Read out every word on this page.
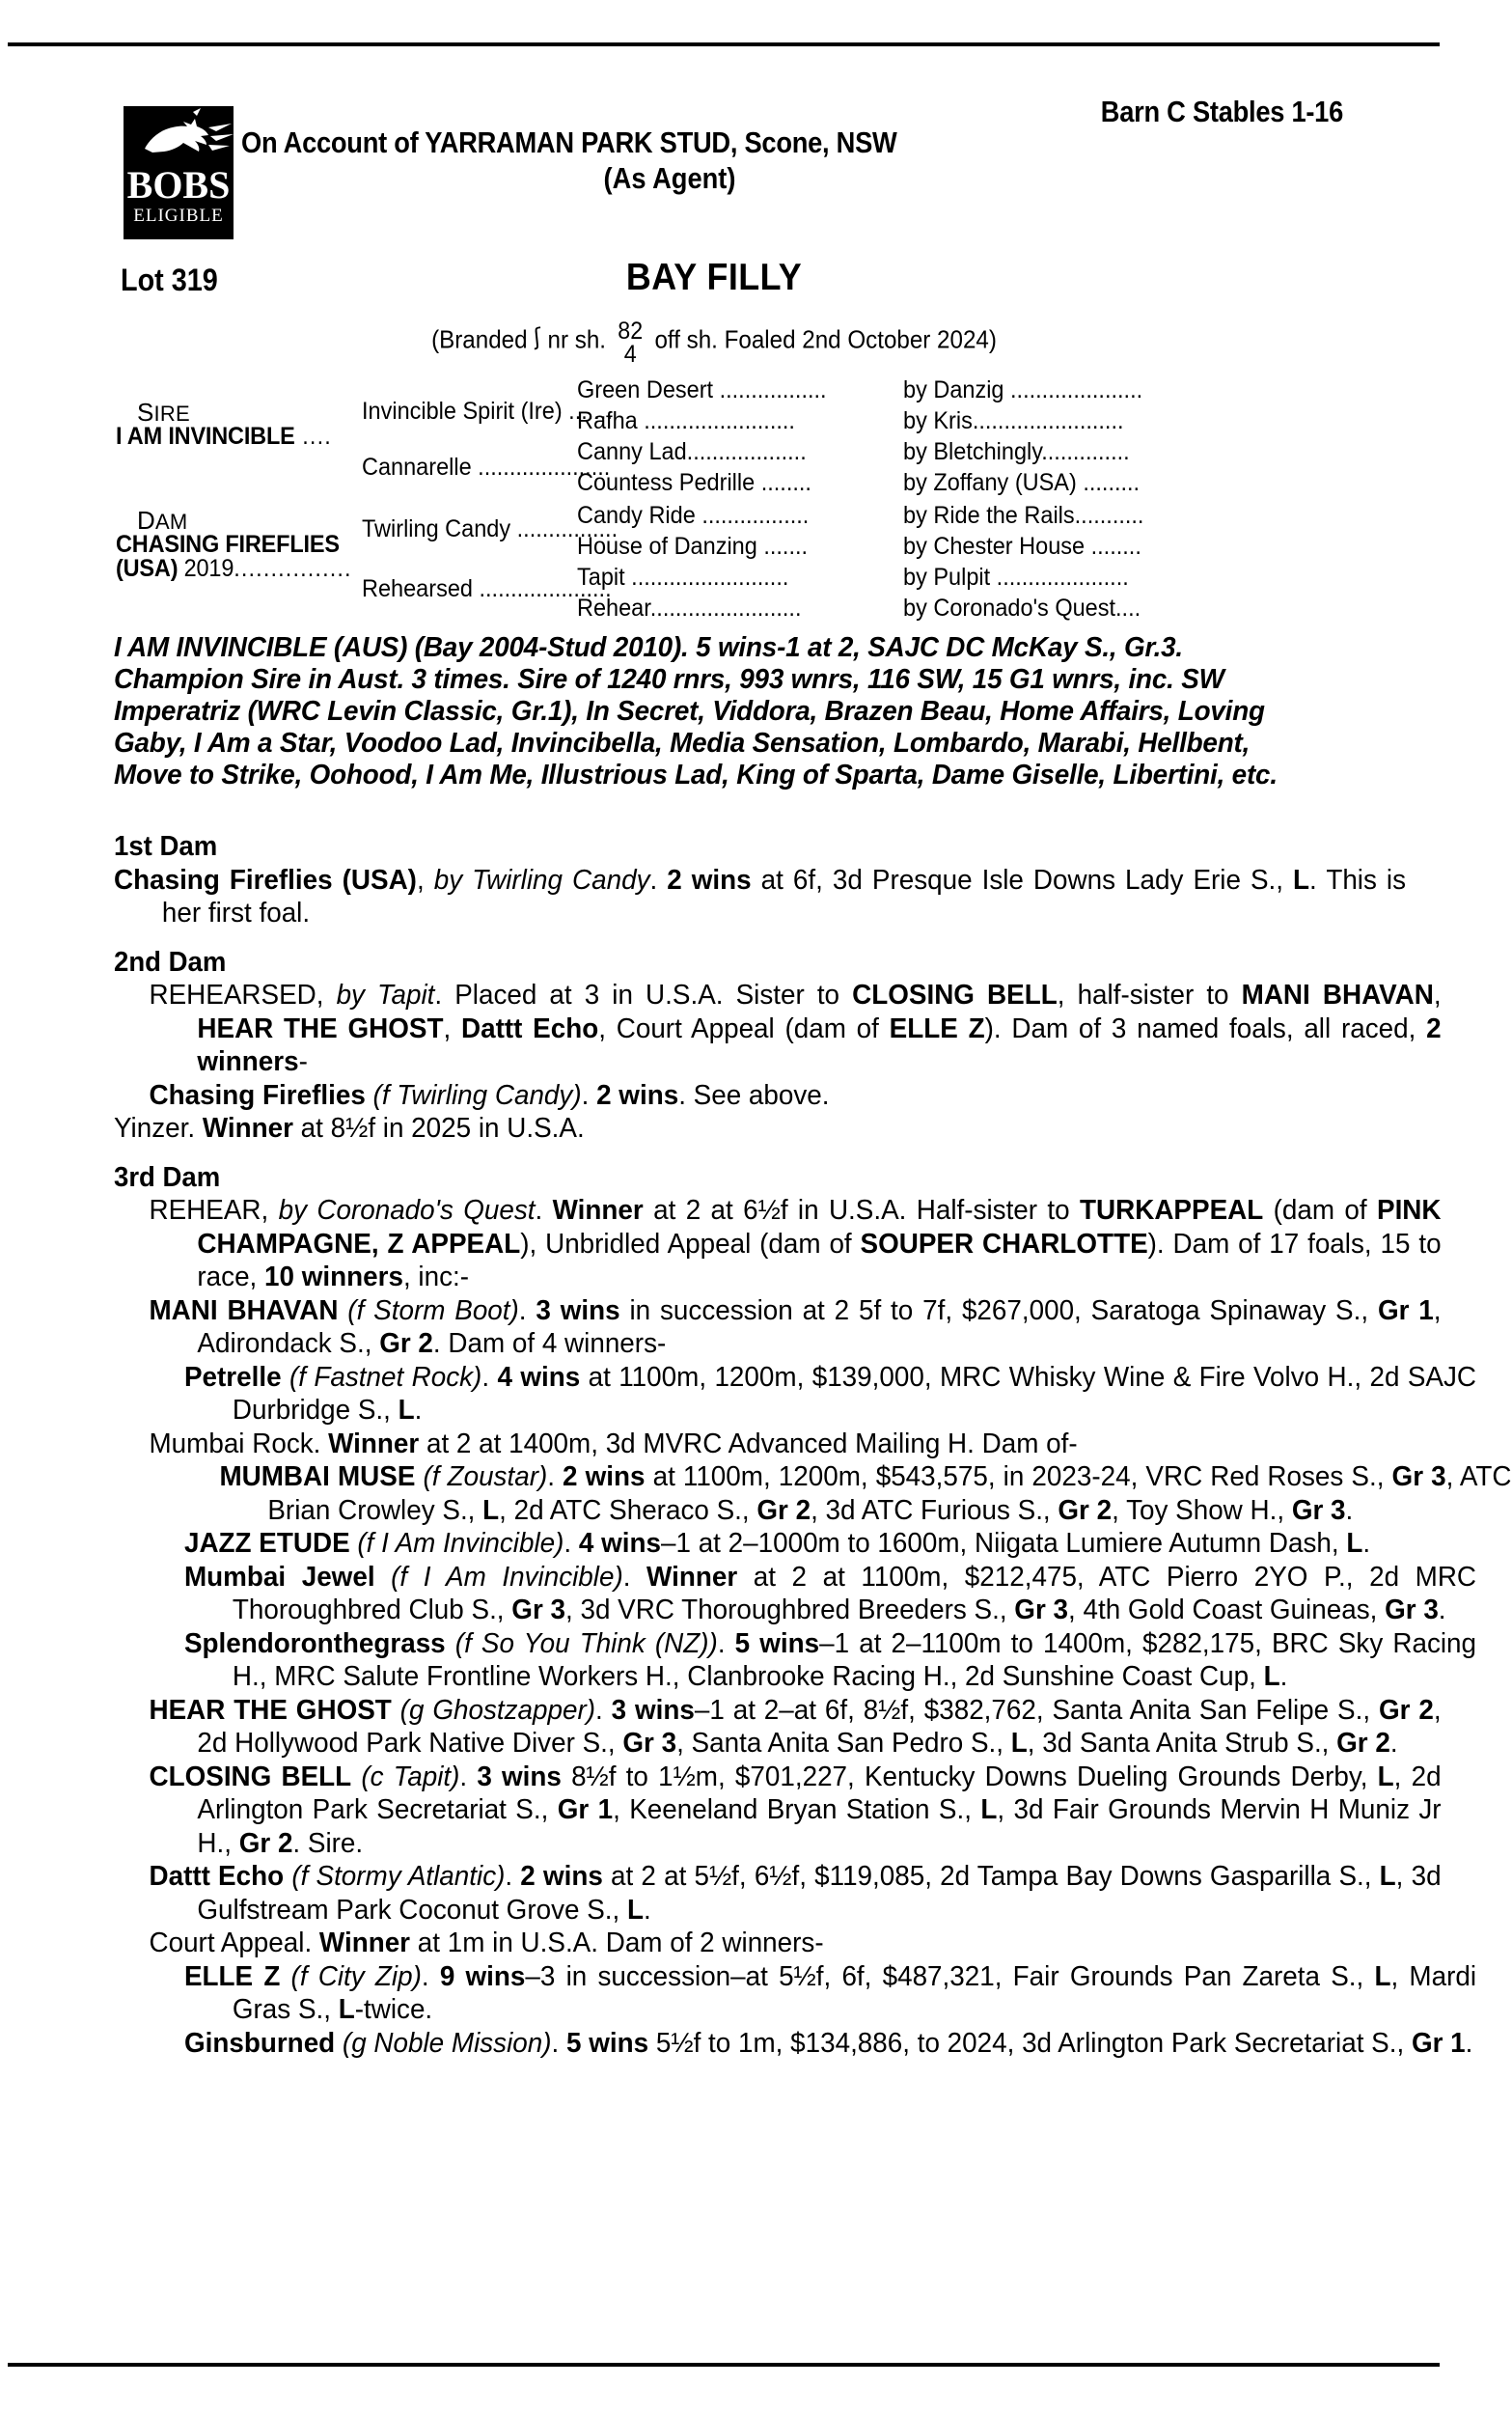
BOBS
ELIGIBLE
Barn C Stables 1-16
On Account of YARRAMAN PARK STUD, Scone, NSW
(As Agent)
Lot 319	BAY FILLY
(Branded ʃ nr sh. 82
4
off sh. Foaled 2nd October 2024)
SIRE
I AM INVINCIBLE ....
DAM
CHASING FIREFLIES
(USA) 2019................
Invincible Spirit (Ire) .......
Cannarelle .....................
Twirling Candy ................
Rehearsed .....................
Green Desert .................
Rafha ........................
Canny Lad...................
Countess Pedrille ........
Candy Ride .................
House of Danzing .......
Tapit .........................
Rehear........................
by Danzig .....................
by Kris........................
by Bletchingly..............
by Zoffany (USA) .........
by Ride the Rails...........
by Chester House ........
by Pulpit .....................
by Coronado's Quest....
I AM INVINCIBLE (AUS) (Bay 2004-Stud 2010). 5 wins-1 at 2, SAJC DC McKay S., Gr.3. Champion Sire in Aust. 3 times. Sire of 1240 rnrs, 993 wnrs, 116 SW, 15 G1 wnrs, inc. SW Imperatriz (WRC Levin Classic, Gr.1), In Secret, Viddora, Brazen Beau, Home Affairs, Loving Gaby, I Am a Star, Voodoo Lad, Invincibella, Media Sensation, Lombardo, Marabi, Hellbent, Move to Strike, Oohood, I Am Me, Illustrious Lad, King of Sparta, Dame Giselle, Libertini, etc.
1st Dam

Chasing Fireflies (USA), by Twirling Candy. 2 wins at 6f, 3d Presque Isle Downs Lady Erie S., L. This is her first foal.

2nd Dam

REHEARSED, by Tapit. Placed at 3 in U.S.A. Sister to CLOSING BELL, half-sister to MANI BHAVAN, HEAR THE GHOST, Dattt Echo, Court Appeal (dam of ELLE Z). Dam of 3 named foals, all raced, 2 winners-

Chasing Fireflies (f Twirling Candy). 2 wins. See above.

Yinzer. Winner at 8½f in 2025 in U.S.A.

3rd Dam

REHEAR, by Coronado's Quest. Winner at 2 at 6½f in U.S.A. Half-sister to TURKAPPEAL (dam of PINK CHAMPAGNE, Z APPEAL), Unbridled Appeal (dam of SOUPER CHARLOTTE). Dam of 17 foals, 15 to race, 10 winners, inc:-

MANI BHAVAN (f Storm Boot). 3 wins in succession at 2 5f to 7f, $267,000, Saratoga Spinaway S., Gr 1, Adirondack S., Gr 2. Dam of 4 winners-

Petrelle (f Fastnet Rock). 4 wins at 1100m, 1200m, $139,000, MRC Whisky Wine & Fire Volvo H., 2d SAJC Durbridge S., L.

Mumbai Rock. Winner at 2 at 1400m, 3d MVRC Advanced Mailing H. Dam of-

MUMBAI MUSE (f Zoustar). 2 wins at 1100m, 1200m, $543,575, in 2023-24, VRC Red Roses S., Gr 3, ATC Brian Crowley S., L, 2d ATC Sheraco S., Gr 2, 3d ATC Furious S., Gr 2, Toy Show H., Gr 3.

JAZZ ETUDE (f I Am Invincible). 4 wins–1 at 2–1000m to 1600m, Niigata Lumiere Autumn Dash, L.

Mumbai Jewel (f I Am Invincible). Winner at 2 at 1100m, $212,475, ATC Pierro 2YO P., 2d MRC Thoroughbred Club S., Gr 3, 3d VRC Thoroughbred Breeders S., Gr 3, 4th Gold Coast Guineas, Gr 3.

Splendoronthegrass (f So You Think (NZ)). 5 wins–1 at 2–1100m to 1400m, $282,175, BRC Sky Racing H., MRC Salute Frontline Workers H., Clanbrooke Racing H., 2d Sunshine Coast Cup, L.

HEAR THE GHOST (g Ghostzapper). 3 wins–1 at 2–at 6f, 8½f, $382,762, Santa Anita San Felipe S., Gr 2, 2d Hollywood Park Native Diver S., Gr 3, Santa Anita San Pedro S., L, 3d Santa Anita Strub S., Gr 2.

CLOSING BELL (c Tapit). 3 wins 8½f to 1½m, $701,227, Kentucky Downs Dueling Grounds Derby, L, 2d Arlington Park Secretariat S., Gr 1, Keeneland Bryan Station S., L, 3d Fair Grounds Mervin H Muniz Jr H., Gr 2. Sire.

Dattt Echo (f Stormy Atlantic). 2 wins at 2 at 5½f, 6½f, $119,085, 2d Tampa Bay Downs Gasparilla S., L, 3d Gulfstream Park Coconut Grove S., L.

Court Appeal. Winner at 1m in U.S.A. Dam of 2 winners-

ELLE Z (f City Zip). 9 wins–3 in succession–at 5½f, 6f, $487,321, Fair Grounds Pan Zareta S., L, Mardi Gras S., L-twice.

Ginsburned (g Noble Mission). 5 wins 5½f to 1m, $134,886, to 2024, 3d Arlington Park Secretariat S., Gr 1.
